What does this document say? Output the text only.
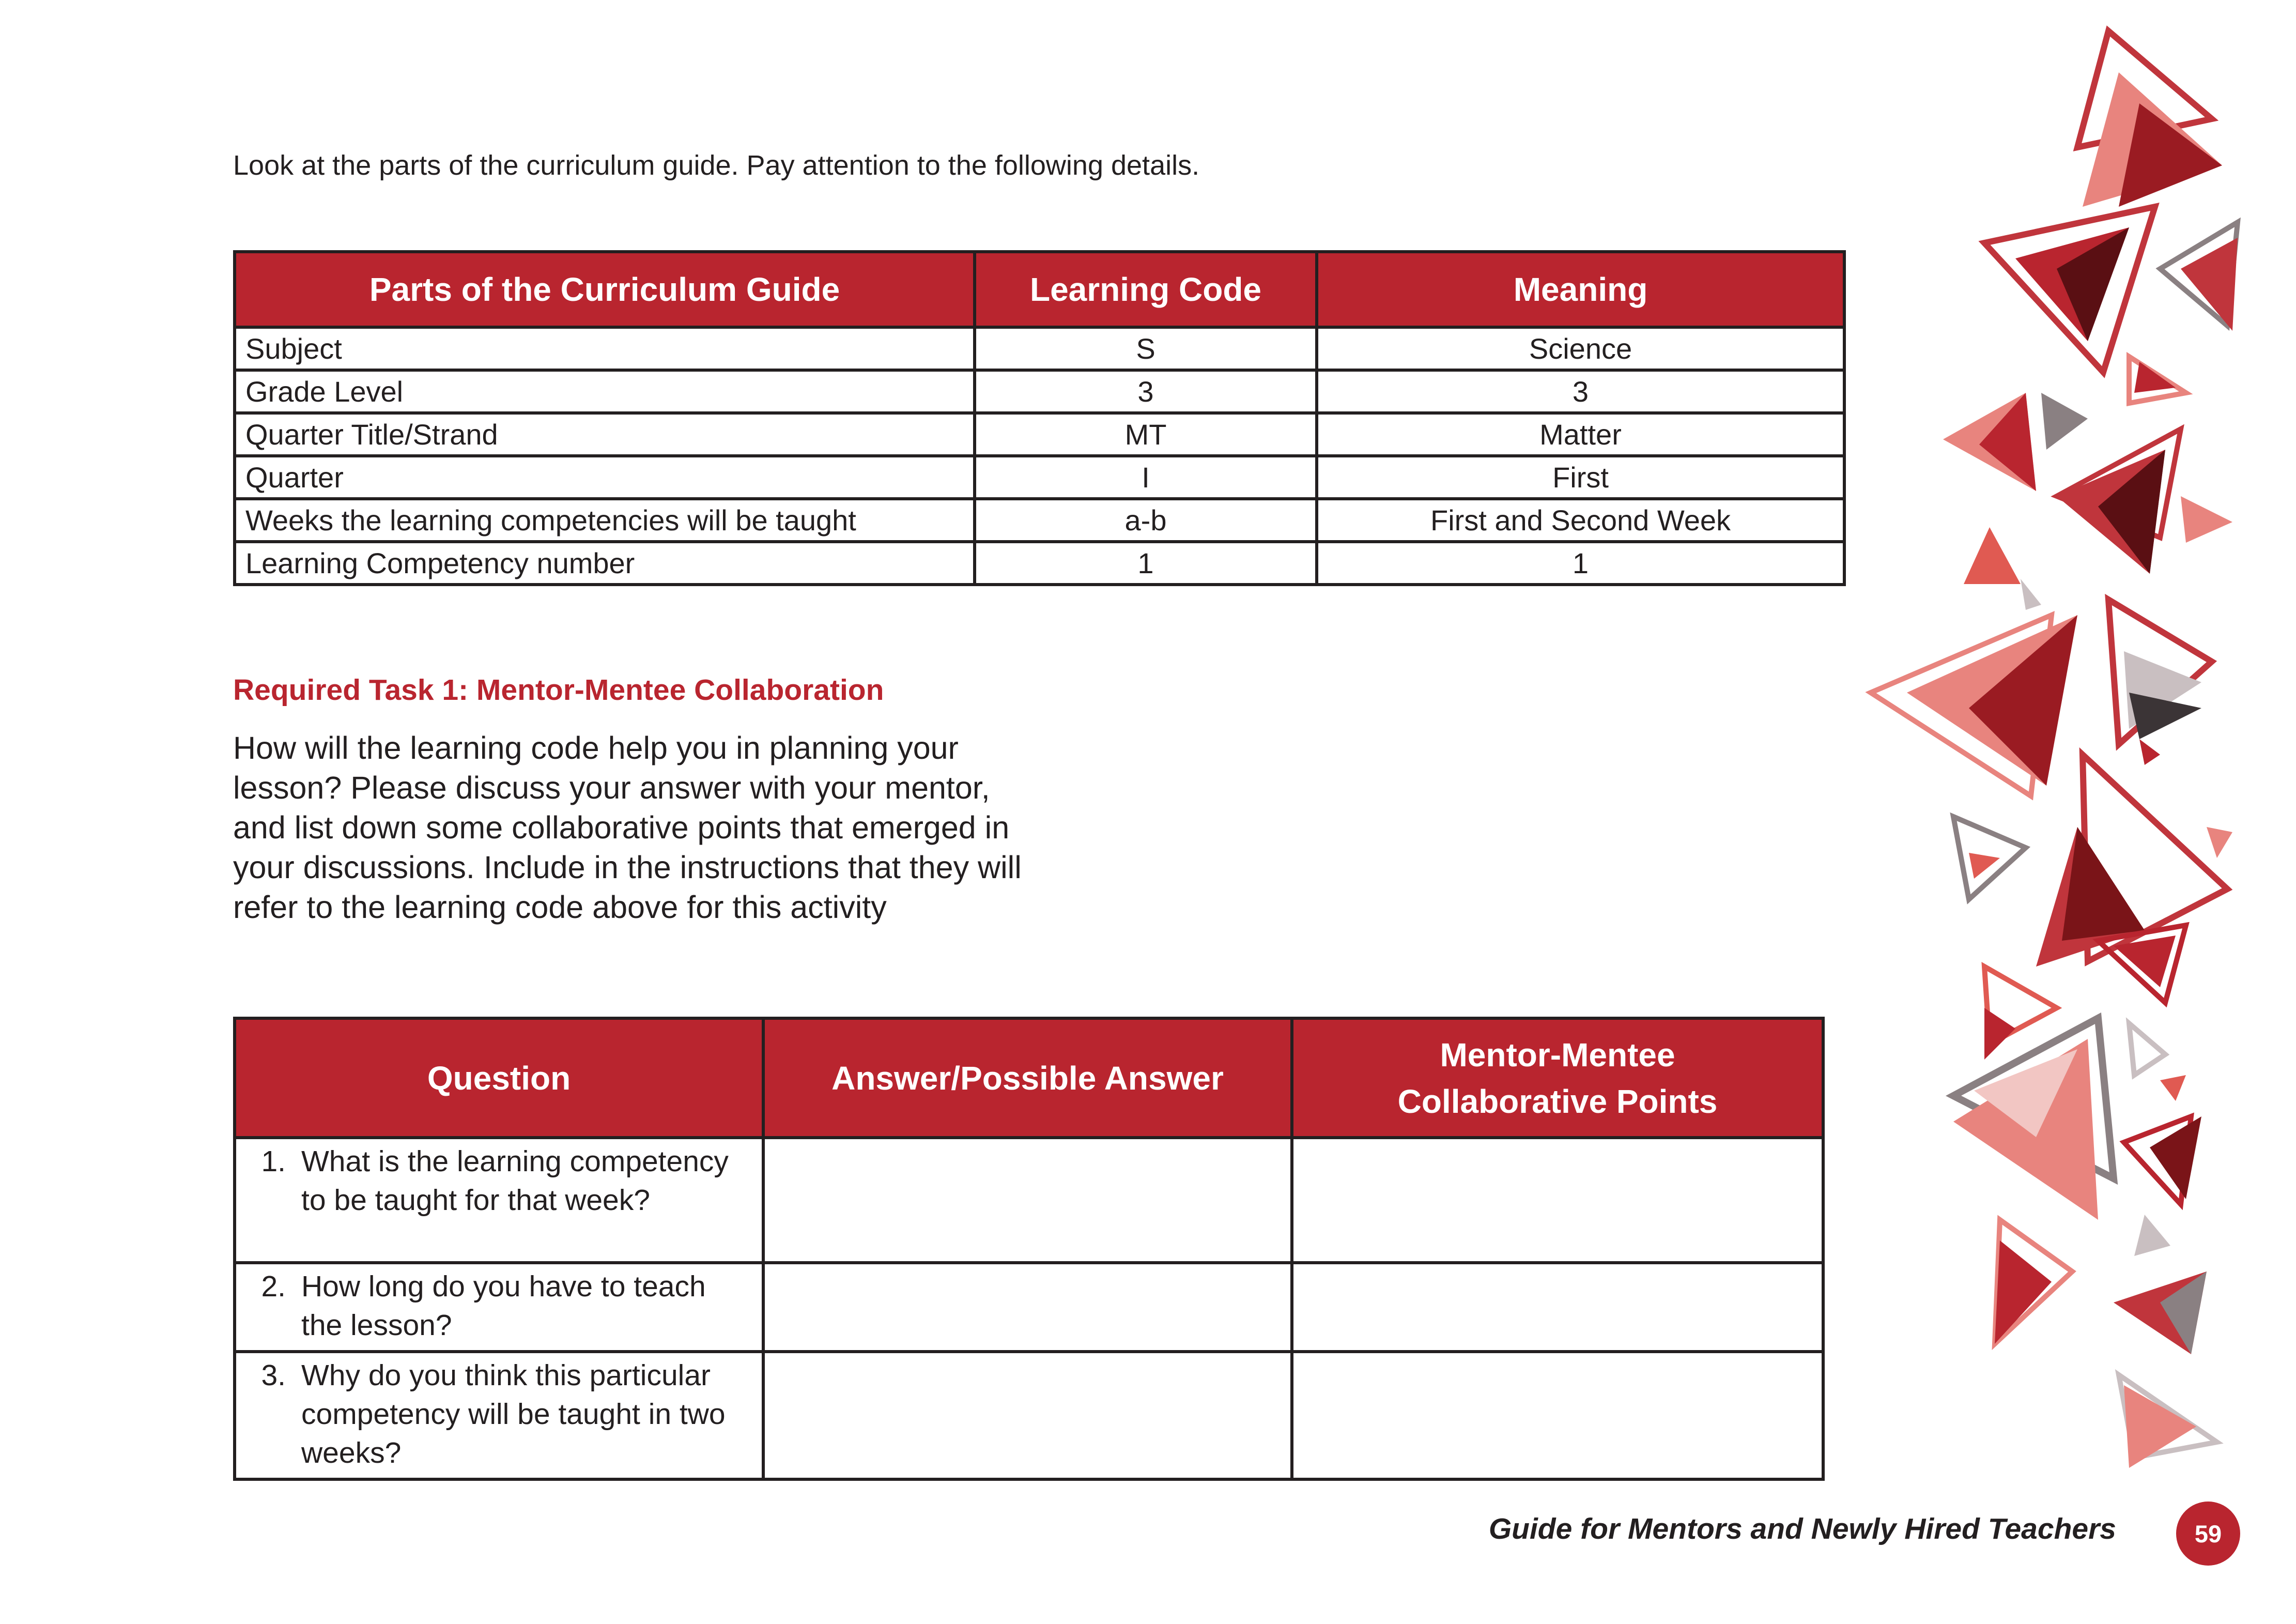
Look at the parts of the curriculum guide. Pay attention to the following details.

Parts of the Curriculum Guide	Learning Code	Meaning
Subject	S	Science
Grade Level	3	3
Quarter Title/Strand	MT	Matter
Quarter	I	First
Weeks the learning competencies will be taught	a-b	First and Second Week
Learning Competency number	1	1
Required Task 1: Mentor-Mentee Collaboration

How will the learning code help you in planning your lesson? Please discuss your answer with your mentor, and list down some collaborative points that emerged in your discussions. Include in the instructions that they will refer to the learning code above for this activity

Question	Answer/Possible Answer	Mentor-Mentee
Collaborative Points

1. What is the learning competency to be taught for that week?		

2. How long do you have to teach the lesson?		

3. Why do you think this particular competency will be taught in two weeks?		

Guide for Mentors and Newly Hired Teachers	59
